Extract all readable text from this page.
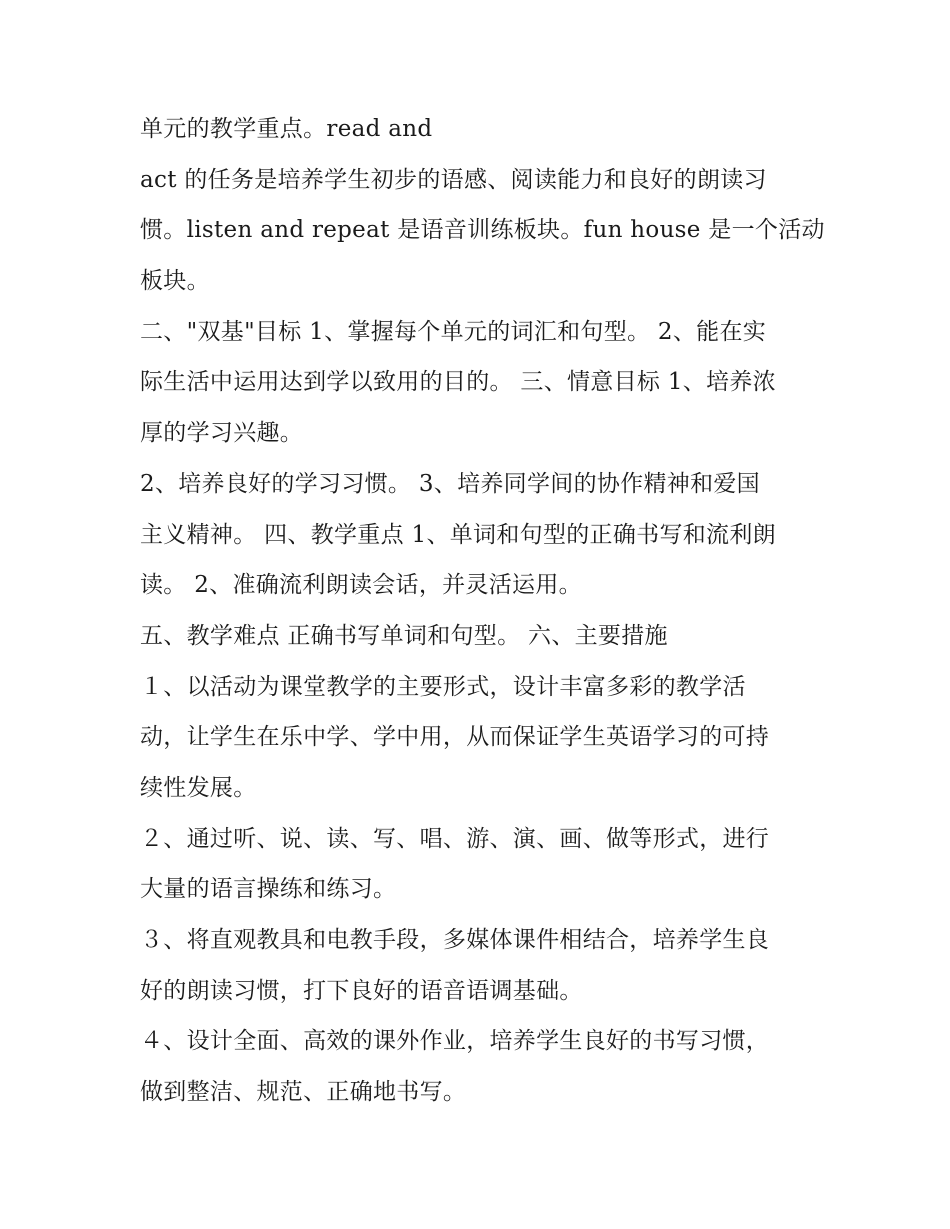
单元的教学重点。read and
act 的任务是培养学生初步的语感、阅读能力和良好的朗读习
惯。listen and repeat 是语音训练板块。fun house 是一个活动
板块。
二、"双基"目标 1、掌握每个单元的词汇和句型。 2、能在实
际生活中运用达到学以致用的目的。 三、情意目标 1、培养浓
厚的学习兴趣。
2、培养良好的学习习惯。 3、培养同学间的协作精神和爱国
主义精神。 四、教学重点 1、单词和句型的正确书写和流利朗
读。 2、准确流利朗读会话，并灵活运用。
五、教学难点 正确书写单词和句型。 六、主要措施
１、以活动为课堂教学的主要形式，设计丰富多彩的教学活
动，让学生在乐中学、学中用，从而保证学生英语学习的可持
续性发展。
２、通过听、说、读、写、唱、游、演、画、做等形式，进行
大量的语言操练和练习。
３、将直观教具和电教手段，多媒体课件相结合，培养学生良
好的朗读习惯，打下良好的语音语调基础。
４、设计全面、高效的课外作业，培养学生良好的书写习惯，
做到整洁、规范、正确地书写。
